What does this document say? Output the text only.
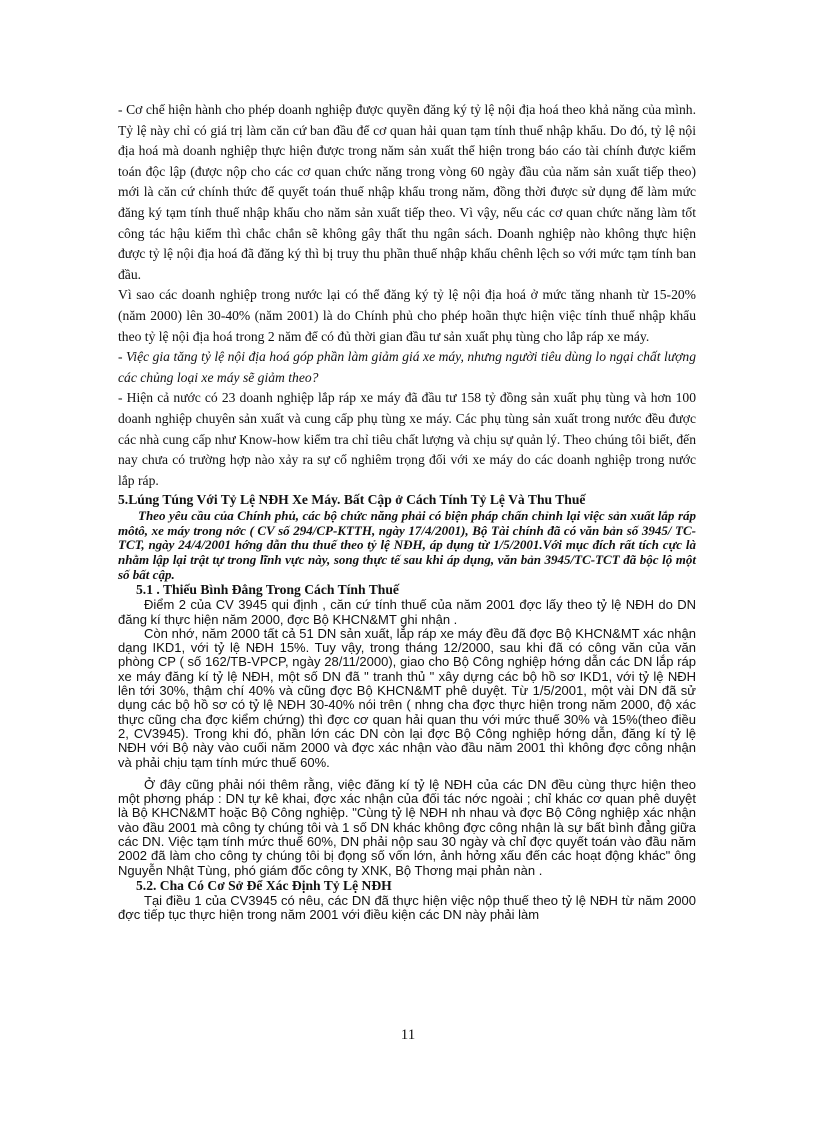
- Cơ chế hiện hành cho phép doanh nghiệp được quyền đăng ký tỷ lệ nội địa hoá theo khả năng của mình. Tỷ lệ này chỉ có giá trị làm căn cứ ban đầu để cơ quan hải quan tạm tính thuế nhập khẩu. Do đó, tỷ lệ nội địa hoá mà doanh nghiệp thực hiện được trong năm sản xuất thể hiện trong báo cáo tài chính được kiểm toán độc lập (được nộp cho các cơ quan chức năng trong vòng 60 ngày đầu của năm sản xuất tiếp theo) mới là căn cứ chính thức để quyết toán thuế nhập khẩu trong năm, đồng thời được sử dụng để làm mức đăng ký tạm tính thuế nhập khẩu cho năm sản xuất tiếp theo. Vì vậy, nếu các cơ quan chức năng làm tốt công tác hậu kiểm thì chắc chắn sẽ không gây thất thu ngân sách. Doanh nghiệp nào không thực hiện được tỷ lệ nội địa hoá đã đăng ký thì bị truy thu phần thuế nhập khẩu chênh lệch so với mức tạm tính ban đầu.

Vì sao các doanh nghiệp trong nước lại có thể đăng ký tỷ lệ nội địa hoá ở mức tăng nhanh từ 15-20% (năm 2000) lên 30-40% (năm 2001) là do Chính phủ cho phép hoãn thực hiện việc tính thuế nhập khẩu theo tỷ lệ nội địa hoá trong 2 năm để có đủ thời gian đầu tư sản xuất phụ tùng cho lắp ráp xe máy.

- Việc gia tăng tỷ lệ nội địa hoá góp phần làm giảm giá xe máy, nhưng người tiêu dùng lo ngại chất lượng các chủng loại xe máy sẽ giảm theo?

- Hiện cả nước có 23 doanh nghiệp lắp ráp xe máy đã đầu tư 158 tỷ đồng sản xuất phụ tùng và hơn 100 doanh nghiệp chuyên sản xuất và cung cấp phụ tùng xe máy. Các phụ tùng sản xuất trong nước đều được các nhà cung cấp như Know-how kiểm tra chỉ tiêu chất lượng và chịu sự quản lý. Theo chúng tôi biết, đến nay chưa có trường hợp nào xảy ra sự cố nghiêm trọng đối với xe máy do các doanh nghiệp trong nước lắp ráp.

5.Lúng Túng Với Tỷ Lệ NĐH Xe Máy. Bất Cập ở Cách Tính Tỷ Lệ Và Thu Thuế

Theo yêu cầu của Chính phủ, các bộ chức năng phải có biện pháp chấn chỉnh lại việc sản xuất lắp ráp môtô, xe máy trong nớc ( CV số 294/CP-KTTH, ngày 17/4/2001), Bộ Tài chính đã có văn bản số 3945/ TC-TCT, ngày 24/4/2001 hớng dẫn thu thuế theo tỷ lệ NĐH, áp dụng từ 1/5/2001.Với mục đích rất tích cực là nhằm lập lại trật tự trong lĩnh vực này, song thực tế sau khi áp dụng, văn bản 3945/TC-TCT đã bộc lộ một số bất cập.

5.1 . Thiếu Bình Đẳng Trong Cách Tính Thuế

Điểm 2 của CV 3945 qui định , căn cứ tính thuế của năm 2001 đợc lấy theo tỷ lệ NĐH do DN đăng kí thực hiện năm 2000, đợc Bộ KHCN&MT ghi nhận .

Còn nhớ, năm 2000 tất cả 51 DN sản xuất, lắp ráp xe máy đều đã đợc Bộ KHCN&MT xác nhận dạng IKD1, với tỷ lệ NĐH 15%. Tuy vậy, trong tháng 12/2000, sau khi đã có công văn của văn phòng CP ( số 162/TB-VPCP, ngày 28/11/2000), giao cho Bộ Công nghiệp hớng dẫn các DN lắp ráp xe máy đăng kí tỷ lệ NĐH, một số DN đã " tranh thủ " xây dựng các bộ hồ sơ IKD1, với tỷ lệ NĐH lên tới 30%, thậm chí 40% và cũng đợc Bộ KHCN&MT phê duyệt. Từ 1/5/2001, một vài DN đã sử dụng các bộ hồ sơ có tỷ lệ NĐH 30-40% nói trên ( nhng cha đợc thực hiện trong năm 2000, độ xác thực cũng cha đợc kiểm chứng) thì đợc cơ quan hải quan thu với mức thuế 30% và 15%(theo điều 2, CV3945). Trong khi đó, phần lớn các DN còn lại đợc Bộ Công nghiệp hớng dẫn, đăng kí tỷ lệ NĐH với Bộ này vào cuối năm 2000 và đợc xác nhận vào đầu năm 2001 thì không đợc công nhận và phải chịu tạm tính mức thuế 60%.

Ở đây cũng phải nói thêm rằng, việc đăng kí tỷ lệ NĐH của các DN đều cùng thực hiện theo một phơng pháp : DN tự kê khai, đợc xác nhận của đối tác nớc ngoài ; chỉ khác cơ quan phê duyệt là Bộ KHCN&MT hoặc Bộ Công nghiệp. "Cùng tỷ lệ NĐH nh nhau và đợc Bộ Công nghiệp xác nhận vào đầu 2001 mà công ty chúng tôi và 1 số DN khác không đợc công nhận là sự bất bình đẳng giữa các DN. Việc tạm tính mức thuế 60%, DN phải nộp sau 30 ngày và chỉ đợc quyết toán vào đầu năm 2002 đã làm cho công ty chúng tôi bị đọng số vốn lớn, ảnh hởng xấu đến các hoạt động khác" ông Nguyễn Nhật Tùng, phó giám đốc công ty XNK, Bộ Thơng mại phản nàn .

5.2. Cha Có Cơ Sở Để Xác Định Tỷ Lệ NĐH

Tại điều 1 của CV3945 có nêu, các DN đã thực hiện việc nộp thuế theo tỷ lệ NĐH từ năm 2000 đợc tiếp tục thực hiện trong năm 2001 với điều kiện các DN này phải làm

11
